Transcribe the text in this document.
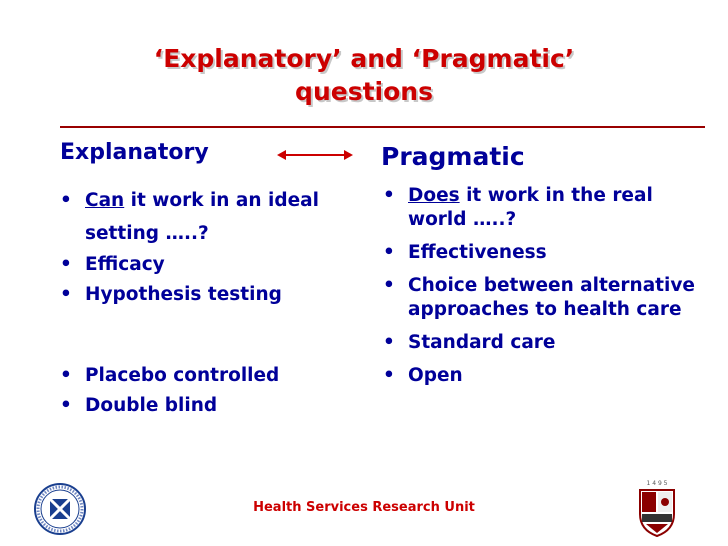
‘Explanatory’ and ‘Pragmatic’
questions
Explanatory	Pragmatic
• Can it work in an ideal setting …..?
• Efficacy
• Hypothesis testing
• Placebo controlled
• Double blind
• Does it work in the real world …..?
• Effectiveness
• Choice between alternative approaches to health care
• Standard care
• Open
Health Services Research Unit
1 4 9 5
